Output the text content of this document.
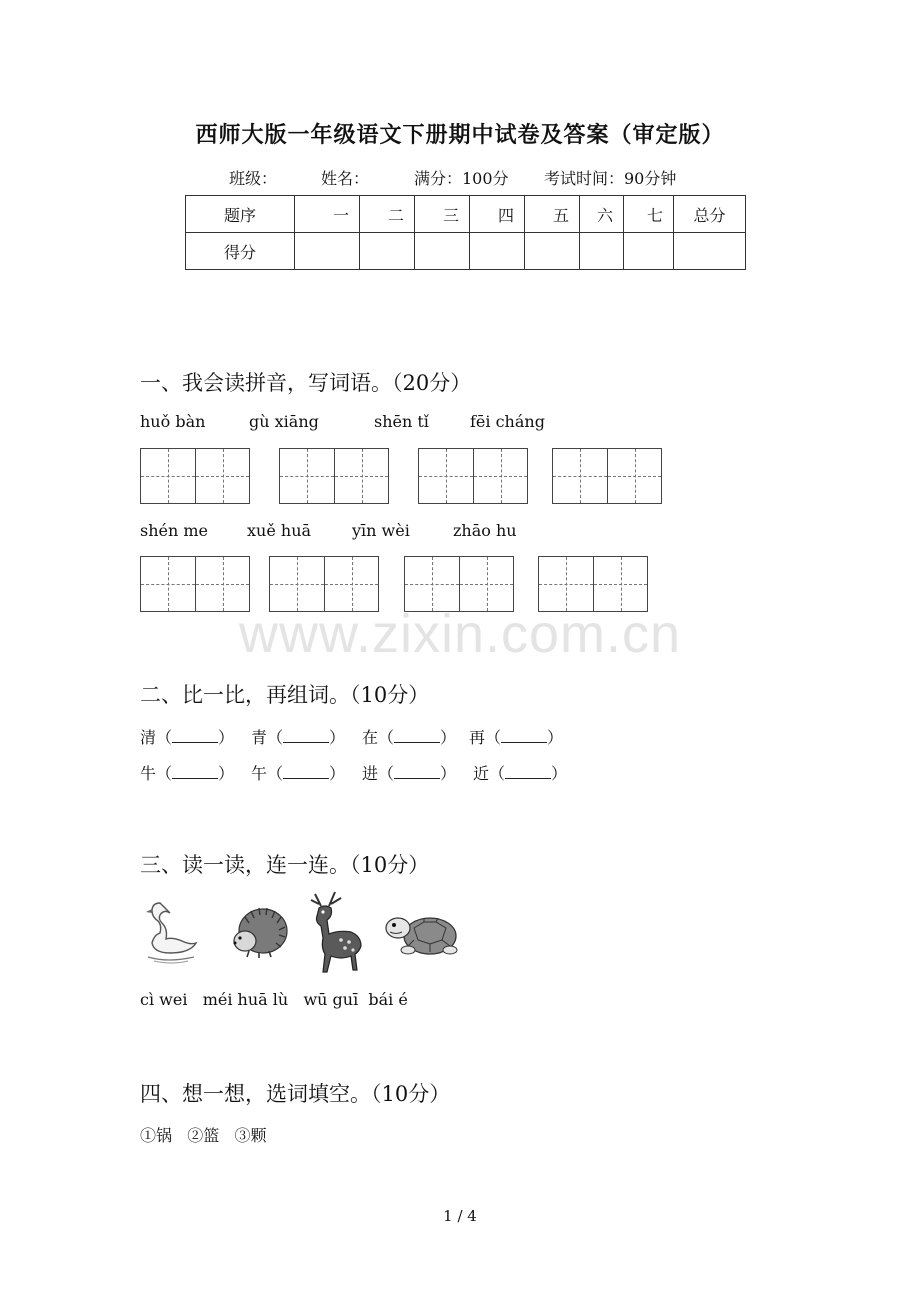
西师大版一年级语文下册期中试卷及答案（审定版）
班级：	姓名：	满分：100分 考试时间：90分钟
题序	一	二	三	四	五	六	七	总分
得分								
一、我会读拼音，写词语。（20分）
huǒ bàn	gù xiāng	shēn tǐ	fēi cháng
shén me xuě huā	yīn wèi	zhāo hu
www.zixin.com.cn
二、比一比，再组词。（10分）
清（	） 青（	） 在（	） 再（	）
牛（	） 午（	） 进（	） 近（	）
三、读一读，连一连。（10分）
cì wei   méi huā lù   wū guī  bái é
四、想一想，选词填空。（10分）
①锅   ②篮   ③颗
1 / 4
